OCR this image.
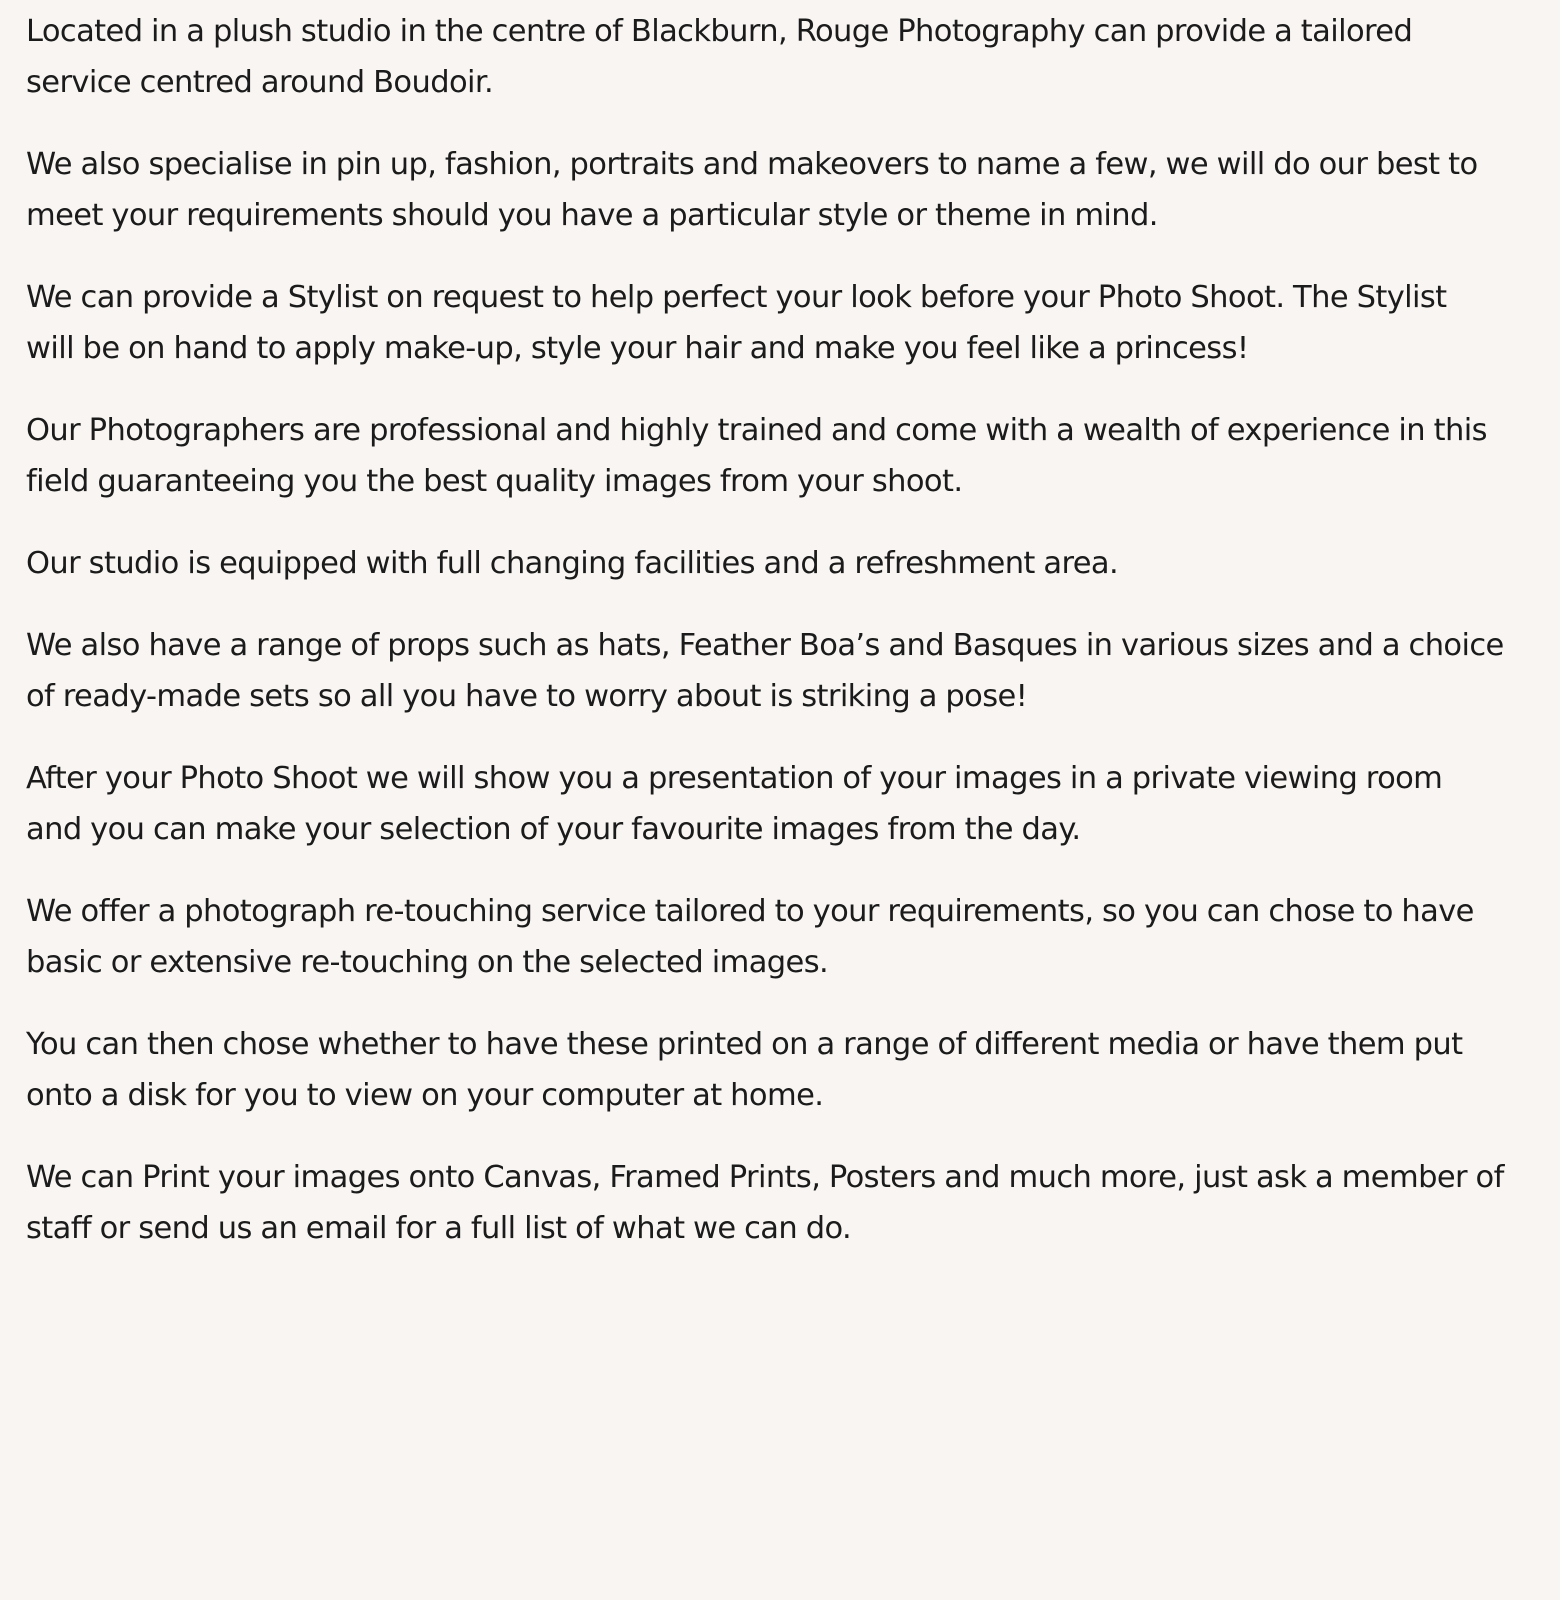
Located in a plush studio in the centre of Blackburn, Rouge Photography can provide a tailored
service centred around Boudoir.

We also specialise in pin up, fashion, portraits and makeovers to name a few, we will do our best to
meet your requirements should you have a particular style or theme in mind.

We can provide a Stylist on request to help perfect your look before your Photo Shoot. The Stylist
will be on hand to apply make-up, style your hair and make you feel like a princess!

Our Photographers are professional and highly trained and come with a wealth of experience in this
field guaranteeing you the best quality images from your shoot.

Our studio is equipped with full changing facilities and a refreshment area.

We also have a range of props such as hats, Feather Boa’s and Basques in various sizes and a choice
of ready-made sets so all you have to worry about is striking a pose!

After your Photo Shoot we will show you a presentation of your images in a private viewing room
and you can make your selection of your favourite images from the day.

We offer a photograph re-touching service tailored to your requirements, so you can chose to have
basic or extensive re-touching on the selected images.

You can then chose whether to have these printed on a range of different media or have them put
onto a disk for you to view on your computer at home.

We can Print your images onto Canvas, Framed Prints, Posters and much more, just ask a member of
staff or send us an email for a full list of what we can do.
